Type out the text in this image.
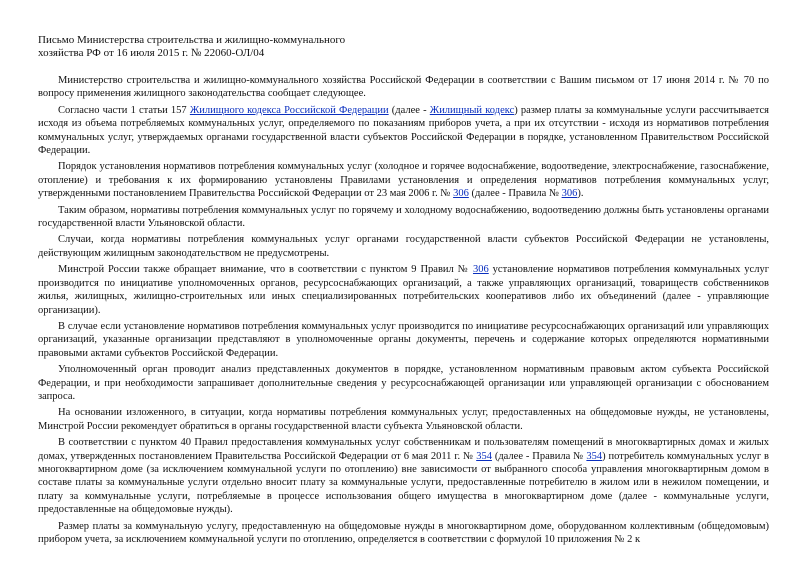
Письмо Министерства строительства и жилищно-коммунального
хозяйства РФ от 16 июля 2015 г. № 22060-ОЛ/04

Министерство строительства и жилищно-коммунального хозяйства Российской Федерации в соответствии с Вашим письмом от 17 июня 2014 г. № 70 по вопросу применения жилищного законодательства сообщает следующее.

Согласно части 1 статьи 157 Жилищного кодекса Российской Федерации (далее - Жилищный кодекс) размер платы за коммунальные услуги рассчитывается исходя из объема потребляемых коммунальных услуг, определяемого по показаниям приборов учета, а при их отсутствии - исходя из нормативов потребления коммунальных услуг, утверждаемых органами государственной власти субъектов Российской Федерации в порядке, установленном Правительством Российской Федерации.

Порядок установления нормативов потребления коммунальных услуг (холодное и горячее водоснабжение, водоотведение, электроснабжение, газоснабжение, отопление) и требования к их формированию установлены Правилами установления и определения нормативов потребления коммунальных услуг, утвержденными постановлением Правительства Российской Федерации от 23 мая 2006 г. № 306 (далее - Правила № 306).

Таким образом, нормативы потребления коммунальных услуг по горячему и холодному водоснабжению, водоотведению должны быть установлены органами государственной власти Ульяновской области.

Случаи, когда нормативы потребления коммунальных услуг органами государственной власти субъектов Российской Федерации не установлены, действующим жилищным законодательством не предусмотрены.

Минстрой России также обращает внимание, что в соответствии с пунктом 9 Правил № 306 установление нормативов потребления коммунальных услуг производится по инициативе уполномоченных органов, ресурсоснабжающих организаций, а также управляющих организаций, товариществ собственников жилья, жилищных, жилищно-строительных или иных специализированных потребительских кооперативов либо их объединений (далее - управляющие организации).

В случае если установление нормативов потребления коммунальных услуг производится по инициативе ресурсоснабжающих организаций или управляющих организаций, указанные организации представляют в уполномоченные органы документы, перечень и содержание которых определяются нормативными правовыми актами субъектов Российской Федерации.

Уполномоченный орган проводит анализ представленных документов в порядке, установленном нормативным правовым актом субъекта Российской Федерации, и при необходимости запрашивает дополнительные сведения у ресурсоснабжающей организации или управляющей организации с обоснованием запроса.

На основании изложенного, в ситуации, когда нормативы потребления коммунальных услуг, предоставленных на общедомовые нужды, не установлены, Минстрой России рекомендует обратиться в органы государственной власти субъекта Ульяновской области.

В соответствии с пунктом 40 Правил предоставления коммунальных услуг собственникам и пользователям помещений в многоквартирных домах и жилых домах, утвержденных постановлением Правительства Российской Федерации от 6 мая 2011 г. № 354 (далее - Правила № 354) потребитель коммунальных услуг в многоквартирном доме (за исключением коммунальной услуги по отоплению) вне зависимости от выбранного способа управления многоквартирным домом в составе платы за коммунальные услуги отдельно вносит плату за коммунальные услуги, предоставленные потребителю в жилом или в нежилом помещении, и плату за коммунальные услуги, потребляемые в процессе использования общего имущества в многоквартирном доме (далее - коммунальные услуги, предоставленные на общедомовые нужды).

Размер платы за коммунальную услугу, предоставленную на общедомовые нужды в многоквартирном доме, оборудованном коллективным (общедомовым) прибором учета, за исключением коммунальной услуги по отоплению, определяется в соответствии с формулой 10 приложения № 2 к
